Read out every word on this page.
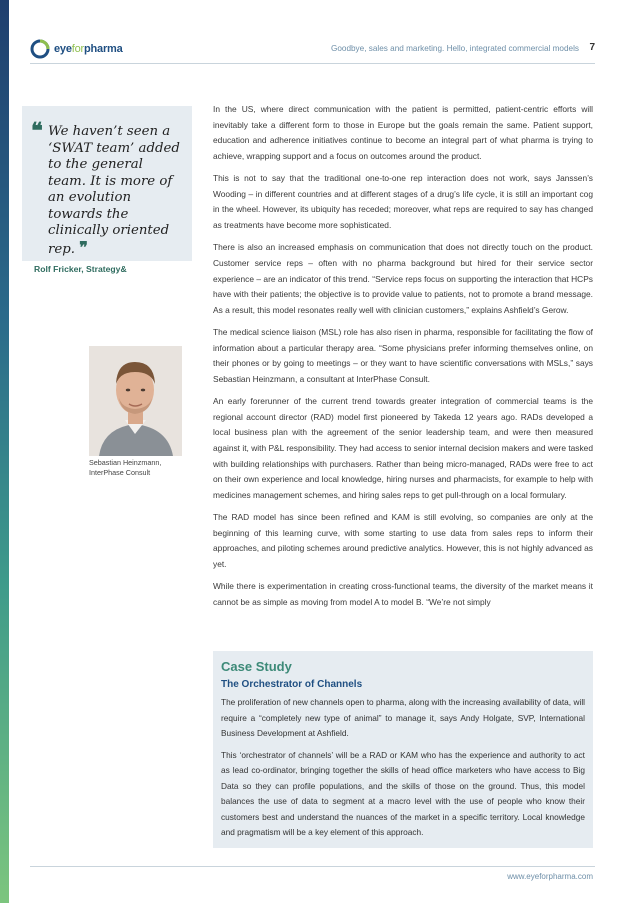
eyeforpharma	Goodbye, sales and marketing. Hello, integrated commercial models 7
❝ We haven’t seen a ‘SWAT team’ added to the general team. It is more of an evolution towards the clinically oriented rep. ❞
Rolf Fricker, Strategy&
Sebastian Heinzmann,
InterPhase Consult

In the US, where direct communication with the patient is permitted, patient-centric efforts will inevitably take a different form to those in Europe but the goals remain the same. Patient support, education and adherence initiatives continue to become an integral part of what pharma is trying to achieve, wrapping support and a focus on outcomes around the product.

This is not to say that the traditional one-to-one rep interaction does not work, says Janssen’s Wooding – in different countries and at different stages of a drug’s life cycle, it is still an important cog in the wheel. However, its ubiquity has receded; moreover, what reps are required to say has changed as treatments have become more sophisticated.

There is also an increased emphasis on communication that does not directly touch on the product. Customer service reps – often with no pharma background but hired for their service sector experience – are an indicator of this trend. “Service reps focus on supporting the interaction that HCPs have with their patients; the objective is to provide value to patients, not to promote a brand message. As a result, this model resonates really well with clinician customers,” explains Ashfield’s Gerow.

The medical science liaison (MSL) role has also risen in pharma, responsible for facilitating the flow of information about a particular therapy area. “Some physicians prefer informing themselves online, on their phones or by going to meetings – or they want to have scientific conversations with MSLs,” says Sebastian Heinzmann, a consultant at InterPhase Consult.

An early forerunner of the current trend towards greater integration of commercial teams is the regional account director (RAD) model first pioneered by Takeda 12 years ago. RADs developed a local business plan with the agreement of the senior leadership team, and were then measured against it, with P&L responsibility. They had access to senior internal decision makers and were tasked with building relationships with purchasers. Rather than being micro-managed, RADs were free to act on their own experience and local knowledge, hiring nurses and pharmacists, for example to help with medicines management schemes, and hiring sales reps to get pull-through on a local formulary.

The RAD model has since been refined and KAM is still evolving, so companies are only at the beginning of this learning curve, with some starting to use data from sales reps to inform their approaches, and piloting schemes around predictive analytics. However, this is not highly advanced as yet.

While there is experimentation in creating cross-functional teams, the diversity of the market means it cannot be as simple as moving from model A to model B. “We’re not simply

Case Study
The Orchestrator of Channels

The proliferation of new channels open to pharma, along with the increasing availability of data, will require a “completely new type of animal” to manage it, says Andy Holgate, SVP, International Business Development at Ashfield.

This ‘orchestrator of channels’ will be a RAD or KAM who has the experience and authority to act as lead co-ordinator, bringing together the skills of head office marketers who have access to Big Data so they can profile populations, and the skills of those on the ground. Thus, this model balances the use of data to segment at a macro level with the use of people who know their customers best and understand the nuances of the market in a specific territory. Local knowledge and pragmatism will be a key element of this approach.

www.eyeforpharma.com
